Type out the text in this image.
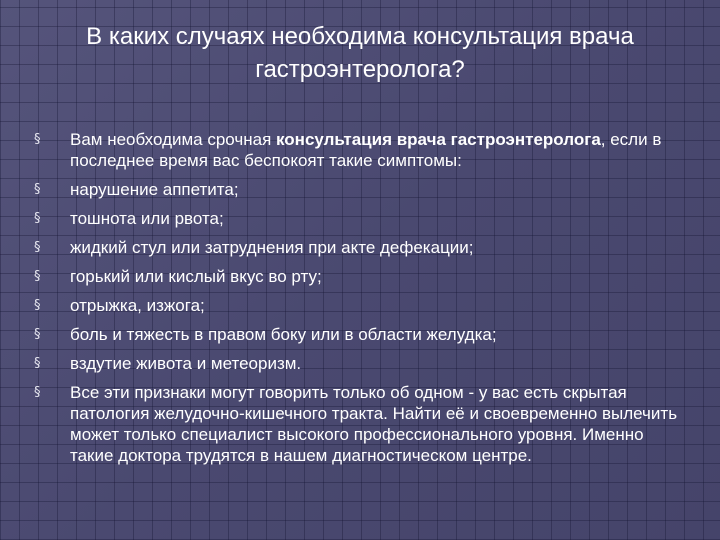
В каких случаях необходима консультация врача гастроэнтеролога?
§	Вам необходима срочная консультация врача гастроэнтеролога, если в последнее время вас беспокоят такие симптомы:
§	нарушение аппетита;
§	тошнота или рвота;
§	жидкий стул или затруднения при акте дефекации;
§	горький или кислый вкус во рту;
§	отрыжка, изжога;
§	боль и тяжесть в правом боку или в области желудка;
§	вздутие живота и метеоризм.
§	Все эти признаки могут говорить только об одном - у вас есть скрытая патология желудочно-кишечного тракта. Найти её и своевременно вылечить может только специалист высокого профессионального уровня. Именно такие доктора трудятся в нашем диагностическом центре.
